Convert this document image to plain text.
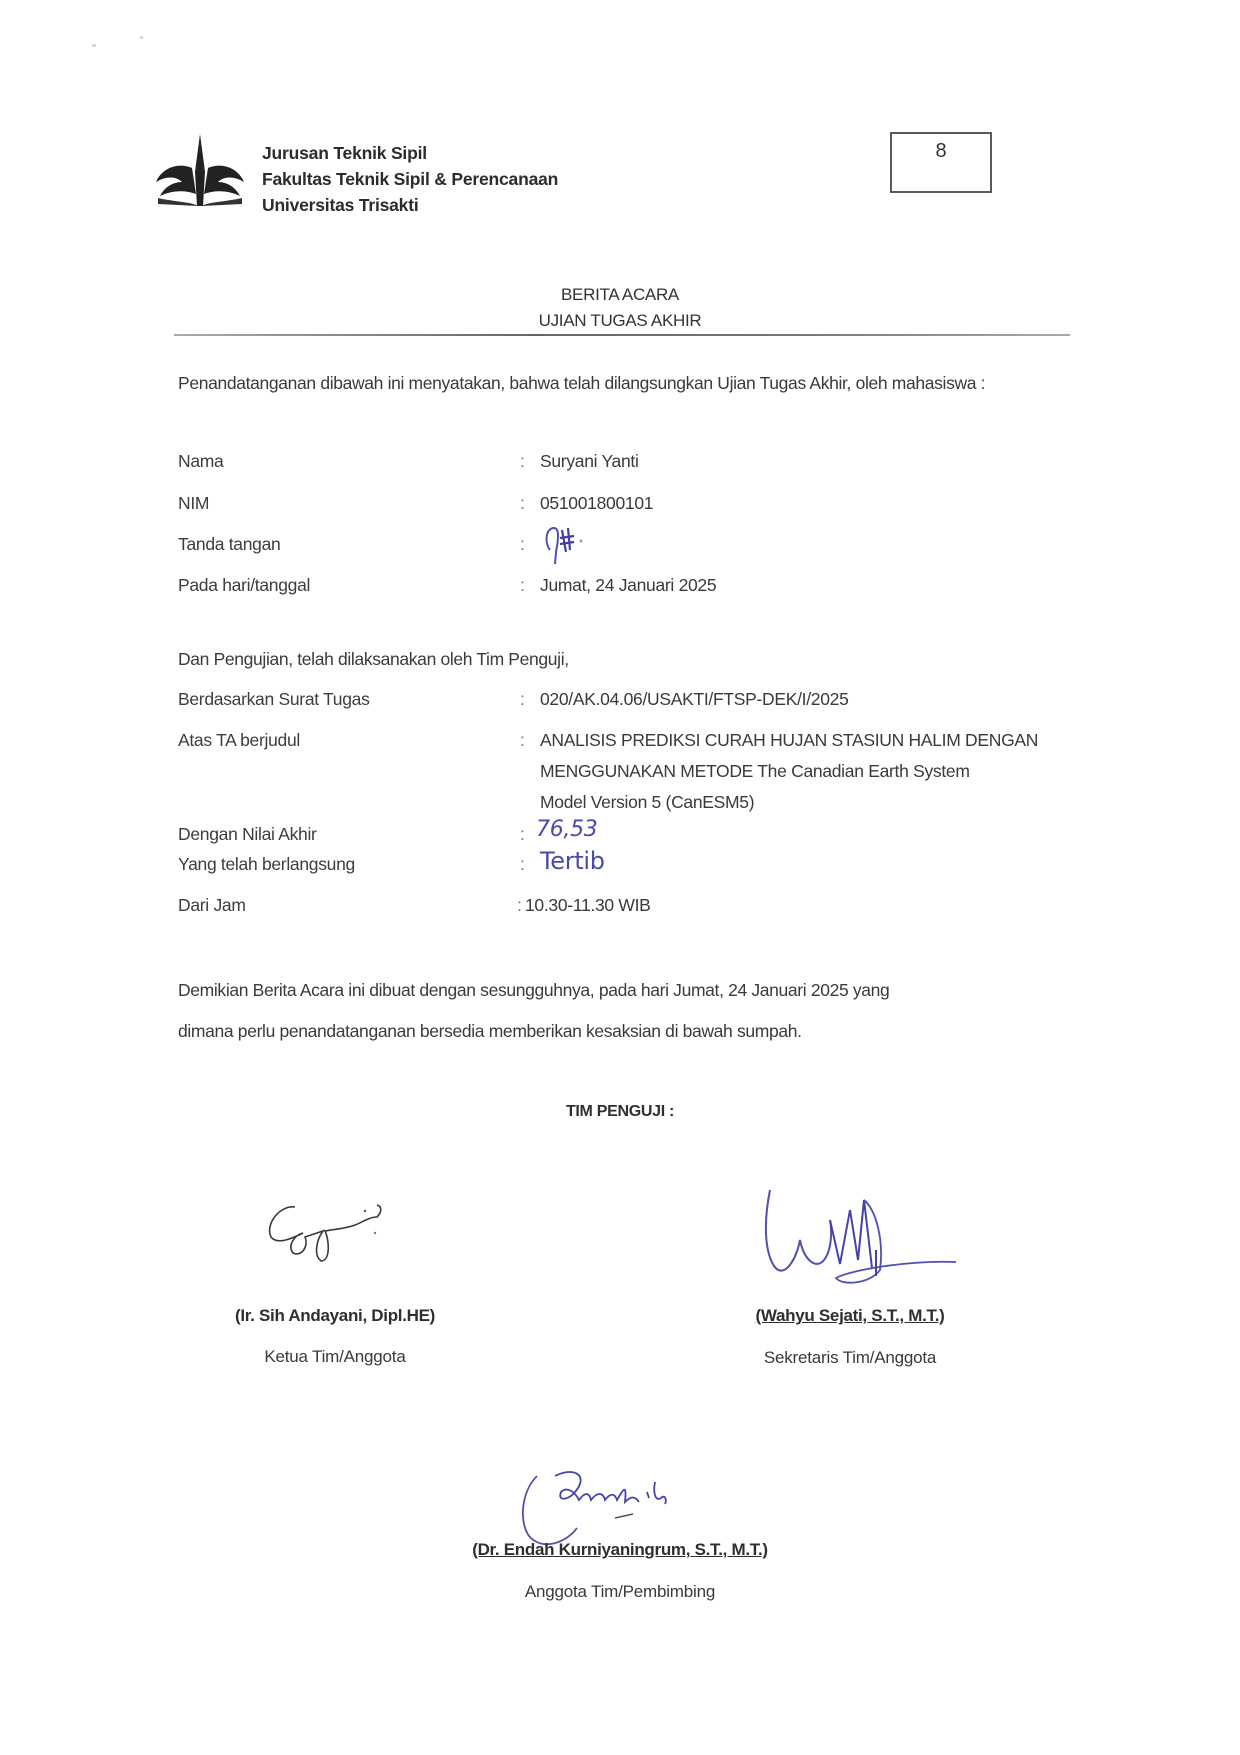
Jurusan Teknik Sipil
Fakultas Teknik Sipil & Perencanaan
Universitas Trisakti
8
BERITA ACARA
UJIAN TUGAS AKHIR
Penandatanganan dibawah ini menyatakan, bahwa telah dilangsungkan Ujian Tugas Akhir, oleh mahasiswa :
Nama	: Suryani Yanti
NIM	: 051001800101
Tanda tangan	:
Pada hari/tanggal	: Jumat, 24 Januari 2025
Dan Pengujian, telah dilaksanakan oleh Tim Penguji,
Berdasarkan Surat Tugas	: 020/AK.04.06/USAKTI/FTSP-DEK/I/2025
Atas TA berjudul	: ANALISIS PREDIKSI CURAH HUJAN STASIUN HALIM DENGAN
MENGGUNAKAN METODE The Canadian Earth System
Model Version 5 (CanESM5)
Dengan Nilai Akhir	: 76,53
Yang telah berlangsung	: Tertib
Dari Jam	: 10.30-11.30 WIB
Demikian Berita Acara ini dibuat dengan sesungguhnya, pada hari Jumat, 24 Januari 2025 yang
dimana perlu penandatanganan bersedia memberikan kesaksian di bawah sumpah.
TIM PENGUJI :
(Ir. Sih Andayani, Dipl.HE)
Ketua Tim/Anggota
(Wahyu Sejati, S.T., M.T.)
Sekretaris Tim/Anggota
(Dr. Endah Kurniyaningrum, S.T., M.T.)
Anggota Tim/Pembimbing
